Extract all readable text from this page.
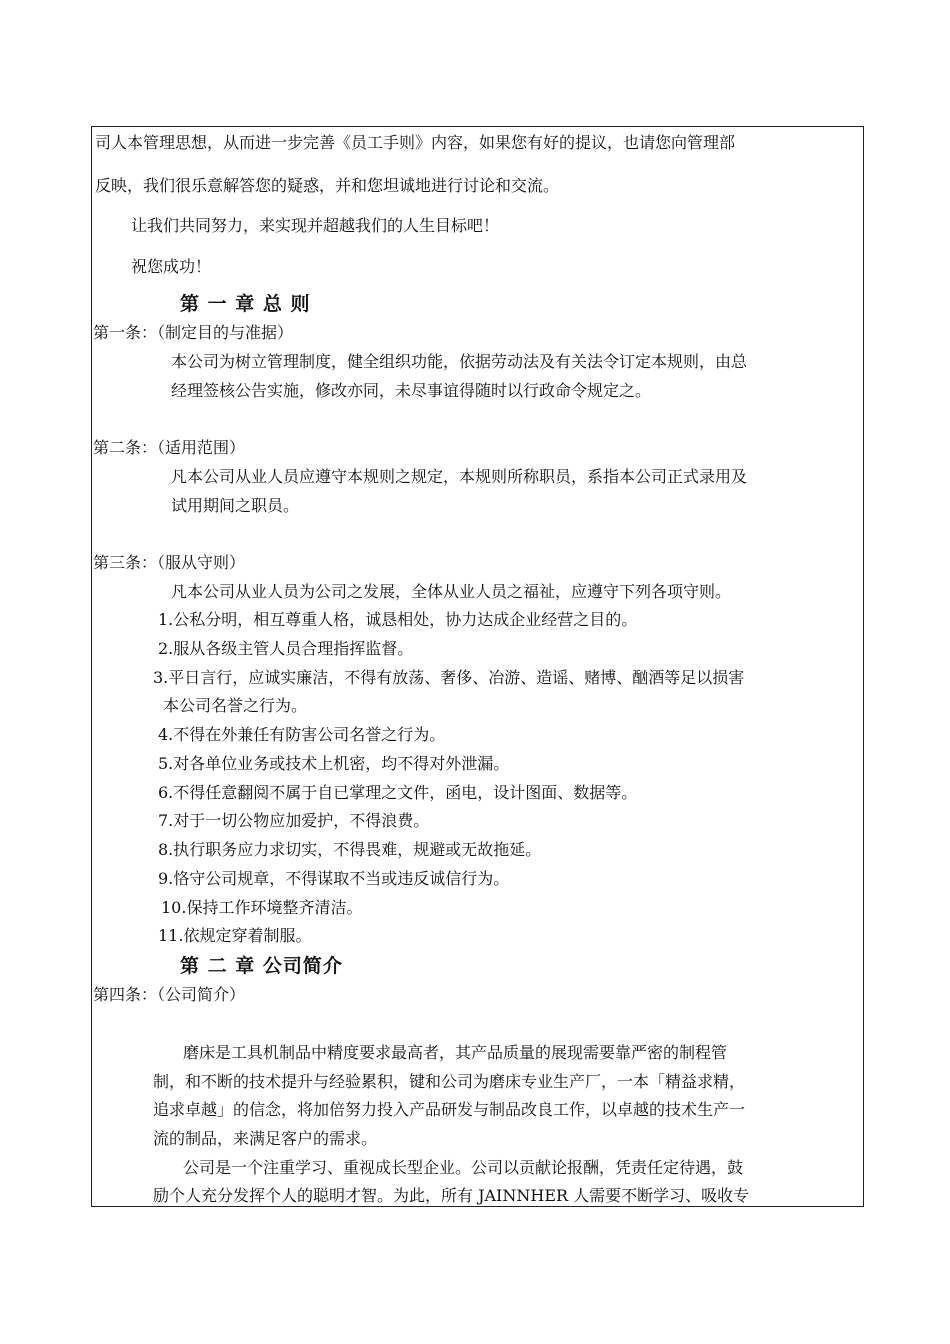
司人本管理思想，从而进一步完善《员工手则》内容，如果您有好的提议，也请您向管理部
反映，我们很乐意解答您的疑惑，并和您坦诚地进行讨论和交流。
让我们共同努力，来实现并超越我们的人生目标吧！
祝您成功！
第 一 章 总 则
第一条：（制定目的与准据）
本公司为树立管理制度，健全组织功能，依据劳动法及有关法令订定本规则，由总
经理签核公告实施，修改亦同，未尽事谊得随时以行政命令规定之。
第二条：（适用范围）
凡本公司从业人员应遵守本规则之规定，本规则所称职员，系指本公司正式录用及
试用期间之职员。
第三条：（服从守则）
凡本公司从业人员为公司之发展，全体从业人员之福祉，应遵守下列各项守则。
1.公私分明，相互尊重人格，诚恳相处，协力达成企业经营之目的。
2.服从各级主管人员合理指挥监督。
3.平日言行，应诚实廉洁，不得有放荡、奢侈、冶游、造谣、赌博、酗酒等足以损害
本公司名誉之行为。
4.不得在外兼任有防害公司名誉之行为。
5.对各单位业务或技术上机密，均不得对外泄漏。
6.不得任意翻阅不属于自已掌理之文件，函电，设计图面、数据等。
7.对于一切公物应加爱护，不得浪费。
8.执行职务应力求切实，不得畏难，规避或无故拖延。
9.恪守公司规章，不得谋取不当或违反诚信行为。
10.保持工作环境整齐清洁。
11.依规定穿着制服。
第 二 章 公司简介
第四条：（公司简介）
磨床是工具机制品中精度要求最高者，其产品质量的展现需要靠严密的制程管
制，和不断的技术提升与经验累积，键和公司为磨床专业生产厂，一本「精益求精，
追求卓越」的信念，将加倍努力投入产品研发与制品改良工作，以卓越的技术生产一
流的制品，来满足客户的需求。
公司是一个注重学习、重视成长型企业。公司以贡献论报酬，凭责任定待遇，鼓
励个人充分发挥个人的聪明才智。为此，所有 JAINNHER 人需要不断学习、吸收专
